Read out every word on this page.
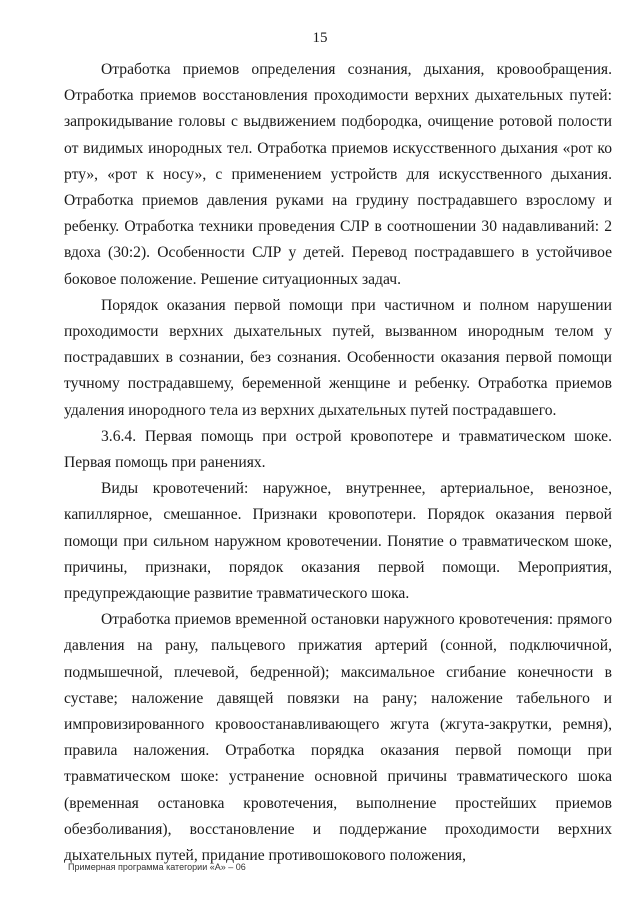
15

Отработка приемов определения сознания, дыхания, кровообращения. Отработка приемов восстановления проходимости верхних дыхательных путей: запрокидывание головы с выдвижением подбородка, очищение ротовой полости от видимых инородных тел. Отработка приемов искусственного дыхания «рот ко рту», «рот к носу», с применением устройств для искусственного дыхания. Отработка приемов давления руками на грудину пострадавшего взрослому и ребенку. Отработка техники проведения СЛР в соотношении 30 надавливаний: 2 вдоха (30:2). Особенности СЛР у детей. Перевод пострадавшего в устойчивое боковое положение. Решение ситуационных задач.

Порядок оказания первой помощи при частичном и полном нарушении проходимости верхних дыхательных путей, вызванном инородным телом у пострадавших в сознании, без сознания. Особенности оказания первой помощи тучному пострадавшему, беременной женщине и ребенку. Отработка приемов удаления инородного тела из верхних дыхательных путей пострадавшего.

3.6.4. Первая помощь при острой кровопотере и травматическом шоке. Первая помощь при ранениях.

Виды кровотечений: наружное, внутреннее, артериальное, венозное, капиллярное, смешанное. Признаки кровопотери. Порядок оказания первой помощи при сильном наружном кровотечении. Понятие о травматическом шоке, причины, признаки, порядок оказания первой помощи. Мероприятия, предупреждающие развитие травматического шока.

Отработка приемов временной остановки наружного кровотечения: прямого давления на рану, пальцевого прижатия артерий (сонной, подключичной, подмышечной, плечевой, бедренной); максимальное сгибание конечности в суставе; наложение давящей повязки на рану; наложение табельного и импровизированного кровоостанавливающего жгута (жгута-закрутки, ремня), правила наложения. Отработка порядка оказания первой помощи при травматическом шоке: устранение основной причины травматического шока (временная остановка кровотечения, выполнение простейших приемов обезболивания), восстановление и поддержание проходимости верхних дыхательных путей, придание противошокового положения,

Примерная программа категории «А» – 06
